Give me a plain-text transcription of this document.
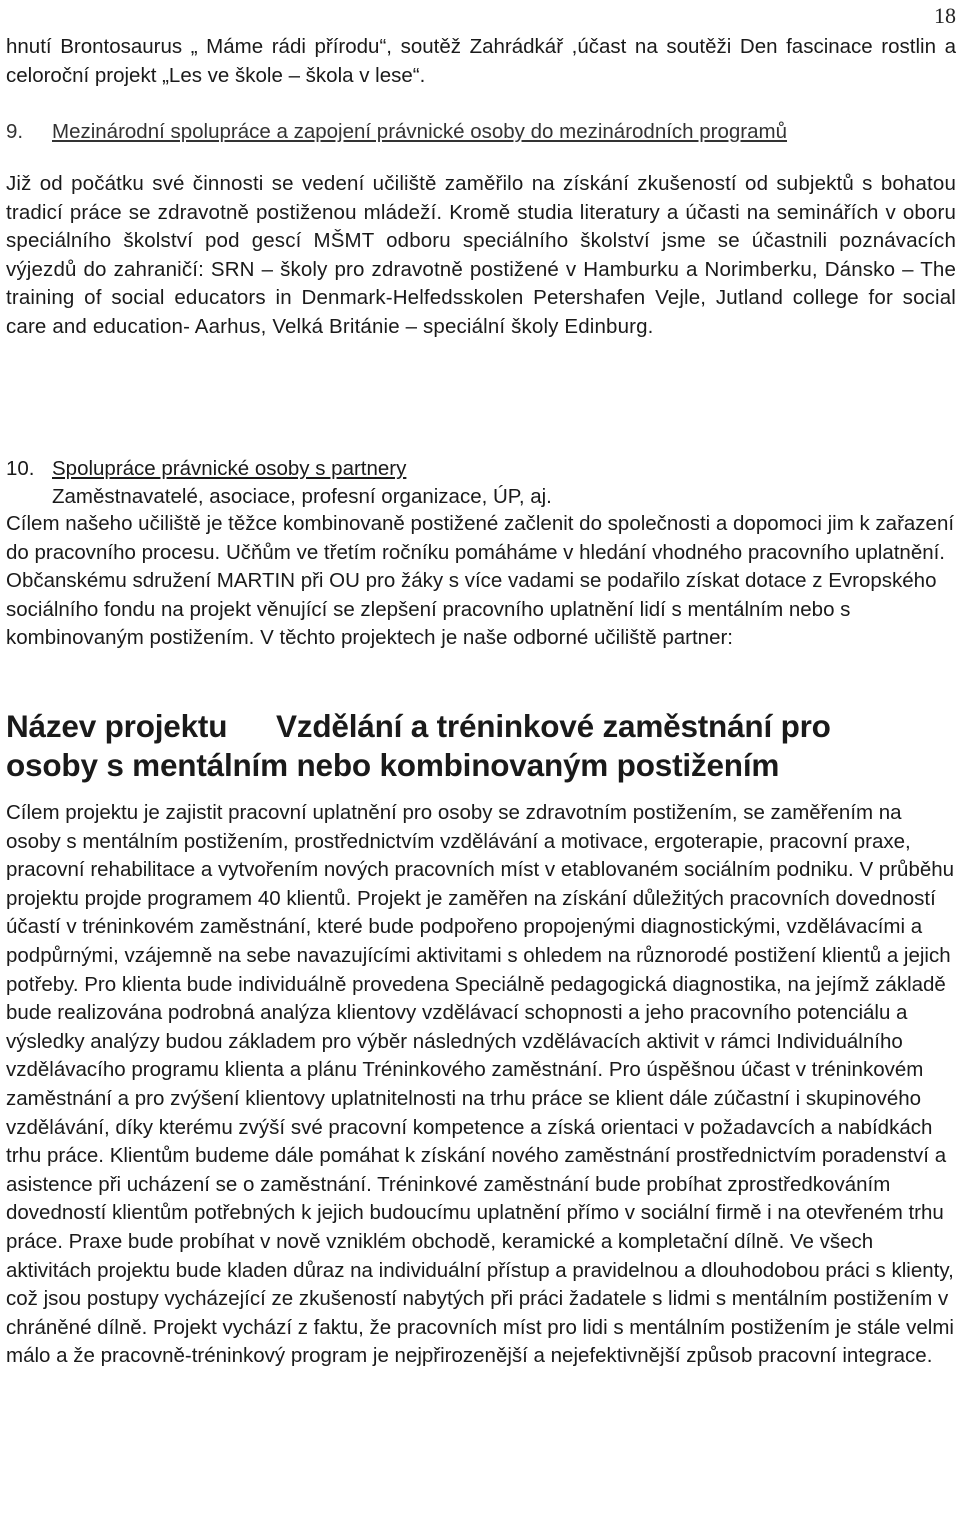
18
hnutí Brontosaurus „ Máme rádi přírodu“, soutěž Zahrádkář ,účast na soutěži Den fascinace rostlin a celoroční projekt „Les ve škole – škola v lese“.
9. Mezinárodní spolupráce a zapojení právnické osoby do mezinárodních programů
Již od počátku své činnosti se vedení učiliště zaměřilo na získání zkušeností od subjektů s bohatou tradicí práce se zdravotně postiženou mládeží. Kromě studia literatury a účasti na seminářích v oboru speciálního školství pod gescí MŠMT odboru speciálního školství jsme se účastnili poznávacích výjezdů do zahraničí: SRN – školy pro zdravotně postižené v Hamburku a Norimberku, Dánsko – The training of social educators in Denmark-Helfedsskolen Petershafen Vejle, Jutland college for social care and education- Aarhus, Velká Británie – speciální školy Edinburg.
10. Spolupráce právnické osoby s partnery
Zaměstnavatelé, asociace, profesní organizace, ÚP, aj.
Cílem našeho učiliště je těžce kombinovaně postižené začlenit do společnosti a dopomoci jim k zařazení do pracovního procesu. Učňům ve třetím ročníku pomáháme v hledání vhodného pracovního uplatnění. Občanskému sdružení MARTIN při OU pro žáky s více vadami se podařilo získat dotace z Evropského sociálního fondu na projekt věnující se zlepšení pracovního uplatnění lidí s mentálním nebo s kombinovaným postižením. V těchto projektech je naše odborné učiliště partner:
Název projektu Vzdělání a tréninkové zaměstnání pro
osoby s mentálním nebo kombinovaným postižením
Cílem projektu je zajistit pracovní uplatnění pro osoby se zdravotním postižením, se zaměřením na osoby s mentálním postižením, prostřednictvím vzdělávání a motivace, ergoterapie, pracovní praxe, pracovní rehabilitace a vytvořením nových pracovních míst v etablovaném sociálním podniku. V průběhu projektu projde programem 40 klientů. Projekt je zaměřen na získání důležitých pracovních dovedností účastí v tréninkovém zaměstnání, které bude podpořeno propojenými diagnostickými, vzdělávacími a podpůrnými, vzájemně na sebe navazujícími aktivitami s ohledem na různorodé postižení klientů a jejich potřeby. Pro klienta bude individuálně provedena Speciálně pedagogická diagnostika, na jejímž základě bude realizována podrobná analýza klientovy vzdělávací schopnosti a jeho pracovního potenciálu a výsledky analýzy budou základem pro výběr následných vzdělávacích aktivit v rámci Individuálního vzdělávacího programu klienta a plánu Tréninkového zaměstnání. Pro úspěšnou účast v tréninkovém zaměstnání a pro zvýšení klientovy uplatnitelnosti na trhu práce se klient dále zúčastní i skupinového vzdělávání, díky kterému zvýší své pracovní kompetence a získá orientaci v požadavcích a nabídkách trhu práce. Klientům budeme dále pomáhat k získání nového zaměstnání prostřednictvím poradenství a asistence při ucházení se o zaměstnání. Tréninkové zaměstnání bude probíhat zprostředkováním dovedností klientům potřebných k jejich budoucímu uplatnění přímo v sociální firmě i na otevřeném trhu práce. Praxe bude probíhat v nově vzniklém obchodě, keramické a kompletační dílně. Ve všech aktivitách projektu bude kladen důraz na individuální přístup a pravidelnou a dlouhodobou práci s klienty, což jsou postupy vycházející ze zkušeností nabytých při práci žadatele s lidmi s mentálním postižením v chráněné dílně. Projekt vychází z faktu, že pracovních míst pro lidi s mentálním postižením je stále velmi málo a že pracovně-tréninkový program je nejpřirozenější a nejefektivnější způsob pracovní integrace.
